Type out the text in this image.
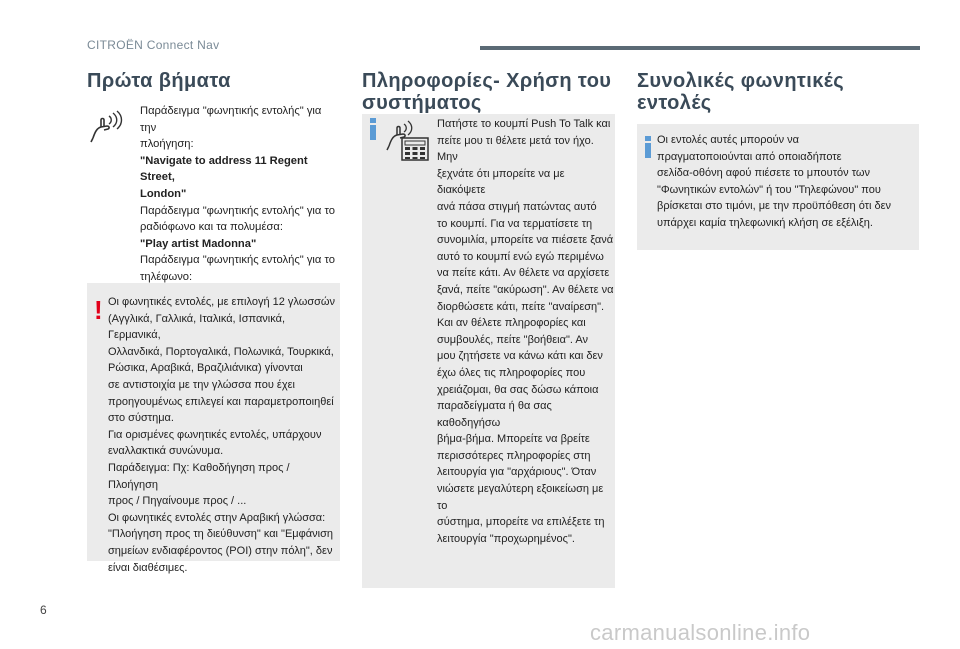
CITROËN Connect Nav
Πρώτα βήματα
Παράδειγμα "φωνητικής εντολής" για την
πλοήγηση:
"Navigate to address 11 Regent Street,
London"
Παράδειγμα "φωνητικής εντολής" για το
ραδιόφωνο και τα πολυμέσα:
"Play artist Madonna"
Παράδειγμα "φωνητικής εντολής" για το
τηλέφωνο:
! Οι φωνητικές εντολές, με επιλογή 12 γλωσσών
(Αγγλικά, Γαλλικά, Ιταλικά, Ισπανικά, Γερμανικά,
Ολλανδικά, Πορτογαλικά, Πολωνικά, Τουρκικά,
Ρώσικα, Αραβικά, Βραζιλιάνικα) γίνονται
σε αντιστοιχία με την γλώσσα που έχει
προηγουμένως επιλεγεί και παραμετροποιηθεί
στο σύστημα.
Για ορισμένες φωνητικές εντολές, υπάρχουν
εναλλακτικά συνώνυμα.
Παράδειγμα: Πχ: Καθοδήγηση προς / Πλοήγηση
προς / Πηγαίνουμε προς / ...
Οι φωνητικές εντολές στην Αραβική γλώσσα:
"Πλοήγηση προς τη διεύθυνση" και "Εμφάνιση
σημείων ενδιαφέροντος (POI) στην πόλη", δεν
είναι διαθέσιμες.
Πληροφορίες- Χρήση του
συστήματος
Πατήστε το κουμπί Push To Talk και
πείτε μου τι θέλετε μετά τον ήχο. Μην
ξεχνάτε ότι μπορείτε να με διακόψετε
ανά πάσα στιγμή πατώντας αυτό
το κουμπί. Για να τερματίσετε τη
συνομιλία, μπορείτε να πιέσετε ξανά
αυτό το κουμπί ενώ εγώ περιμένω
να πείτε κάτι. Αν θέλετε να αρχίσετε
ξανά, πείτε "ακύρωση". Αν θέλετε να
διορθώσετε κάτι, πείτε "αναίρεση".
Και αν θέλετε πληροφορίες και
συμβουλές, πείτε "βοήθεια". Αν
μου ζητήσετε να κάνω κάτι και δεν
έχω όλες τις πληροφορίες που
χρειάζομαι, θα σας δώσω κάποια
παραδείγματα ή θα σας καθοδηγήσω
βήμα-βήμα. Μπορείτε να βρείτε
περισσότερες πληροφορίες στη
λειτουργία για "αρχάριους". Όταν
νιώσετε μεγαλύτερη εξοικείωση με το
σύστημα, μπορείτε να επιλέξετε τη
λειτουργία "προχωρημένος".
Συνολικές φωνητικές
εντολές
Οι εντολές αυτές μπορούν να
πραγματοποιούνται από οποιαδήποτε
σελίδα-οθόνη αφού πιέσετε το μπουτόν των
"Φωνητικών εντολών" ή του "Τηλεφώνου" που
βρίσκεται στο τιμόνι, με την προϋπόθεση ότι δεν
υπάρχει καμία τηλεφωνική κλήση σε εξέλιξη.
6
carmanualsonline.info
